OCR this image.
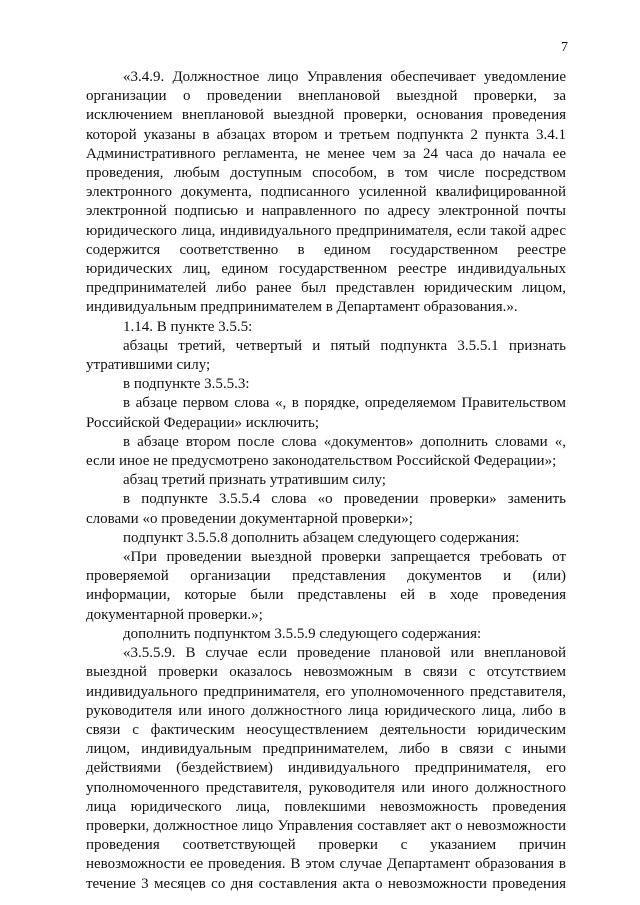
7

«3.4.9. Должностное лицо Управления обеспечивает уведомление организации о проведении внеплановой выездной проверки, за исключением внеплановой выездной проверки, основания проведения которой указаны в абзацах втором и третьем подпункта 2 пункта 3.4.1 Административного регламента, не менее чем за 24 часа до начала ее проведения, любым доступным способом, в том числе посредством электронного документа, подписанного усиленной квалифицированной электронной подписью и направленного по адресу электронной почты юридического лица, индивидуального предпринимателя, если такой адрес содержится соответственно в едином государственном реестре юридических лиц, едином государственном реестре индивидуальных предпринимателей либо ранее был представлен юридическим лицом, индивидуальным предпринимателем в Департамент образования.».

1.14. В пункте 3.5.5:

абзацы третий, четвертый и пятый подпункта 3.5.5.1 признать утратившими силу;

в подпункте 3.5.5.3:

в абзаце первом слова «, в порядке, определяемом Правительством Российской Федерации» исключить;

в абзаце втором после слова «документов» дополнить словами «, если иное не предусмотрено законодательством Российской Федерации»;

абзац третий признать утратившим силу;

в подпункте 3.5.5.4 слова «о проведении проверки» заменить словами «о проведении документарной проверки»;

подпункт 3.5.5.8 дополнить абзацем следующего содержания:

«При проведении выездной проверки запрещается требовать от проверяемой организации представления документов и (или) информации, которые были представлены ей в ходе проведения документарной проверки.»;

дополнить подпунктом 3.5.5.9 следующего содержания:

«3.5.5.9. В случае если проведение плановой или внеплановой выездной проверки оказалось невозможным в связи с отсутствием индивидуального предпринимателя, его уполномоченного представителя, руководителя или иного должностного лица юридического лица, либо в связи с фактическим неосуществлением деятельности юридическим лицом, индивидуальным предпринимателем, либо в связи с иными действиями (бездействием) индивидуального предпринимателя, его уполномоченного представителя, руководителя или иного должностного лица юридического лица, повлекшими невозможность проведения проверки, должностное лицо Управления составляет акт о невозможности проведения соответствующей проверки с указанием причин невозможности ее проведения. В этом случае Департамент образования в течение 3 месяцев со дня составления акта о невозможности проведения
